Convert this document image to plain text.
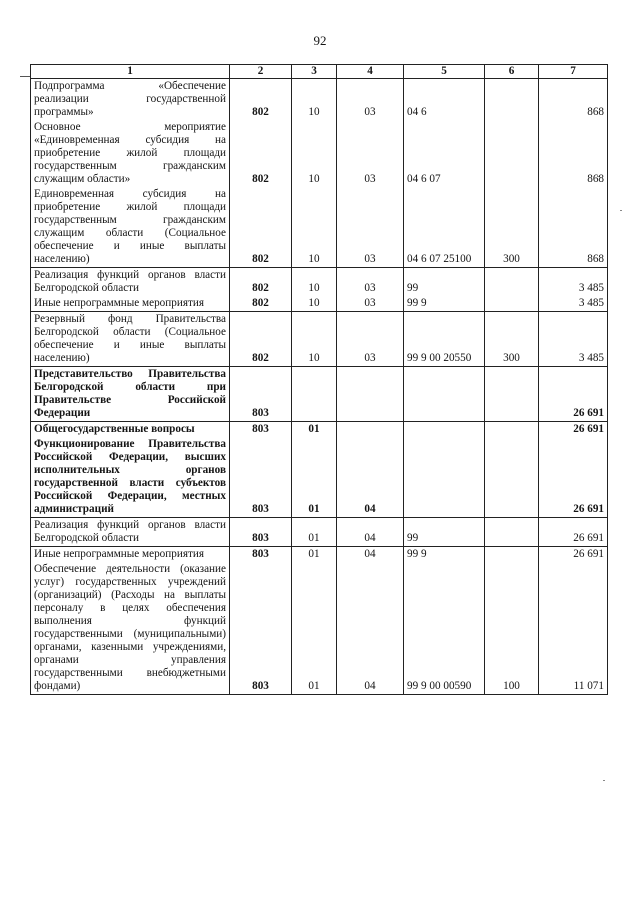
92
1	2	3	4	5	6	7
Подпрограмма «Обеспечение реализации государственной программы»	802	10	03	04 6		868
Основное мероприятие «Единовременная субсидия на приобретение жилой площади государственным гражданским служащим области»	802	10	03	04 6 07		868
Единовременная субсидия на приобретение жилой площади государственным гражданским служащим области (Социальное обеспечение и иные выплаты населению)	802	10	03	04 6 07 25100	300	868
Реализация функций органов власти Белгородской области	802	10	03	99		3 485
Иные непрограммные мероприятия	802	10	03	99 9		3 485
Резервный фонд Правительства Белгородской области (Социальное обеспечение и иные выплаты населению)	802	10	03	99 9 00 20550	300	3 485
Представительство Правительства Белгородской области при Правительстве Российской Федерации	803					26 691
Общегосударственные вопросы	803	01				26 691
Функционирование Правительства Российской Федерации, высших исполнительных органов государственной власти субъектов Российской Федерации, местных администраций	803	01	04			26 691
Реализация функций органов власти Белгородской области	803	01	04	99		26 691
Иные непрограммные мероприятия	803	01	04	99 9		26 691
Обеспечение деятельности (оказание услуг) государственных учреждений (организаций) (Расходы на выплаты персоналу в целях обеспечения выполнения функций государственными (муниципальными) органами, казенными учреждениями, органами управления государственными внебюджетными фондами)	803	01	04	99 9 00 00590	100	11 071
